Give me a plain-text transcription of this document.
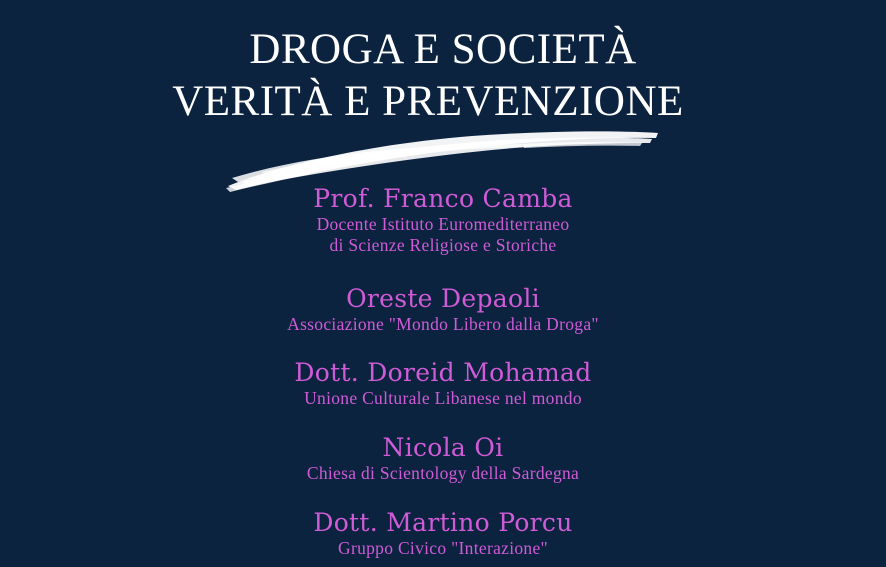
DROGA E SOCIETÀ
VERITÀ E PREVENZIONE
Prof. Franco Camba
Docente Istituto Euromediterraneo
di Scienze Religiose e Storiche
Oreste Depaoli
Associazione "Mondo Libero dalla Droga"
Dott. Doreid Mohamad
Unione Culturale Libanese nel mondo
Nicola Oi
Chiesa di Scientology della Sardegna
Dott. Martino Porcu
Gruppo Civico "Interazione"
